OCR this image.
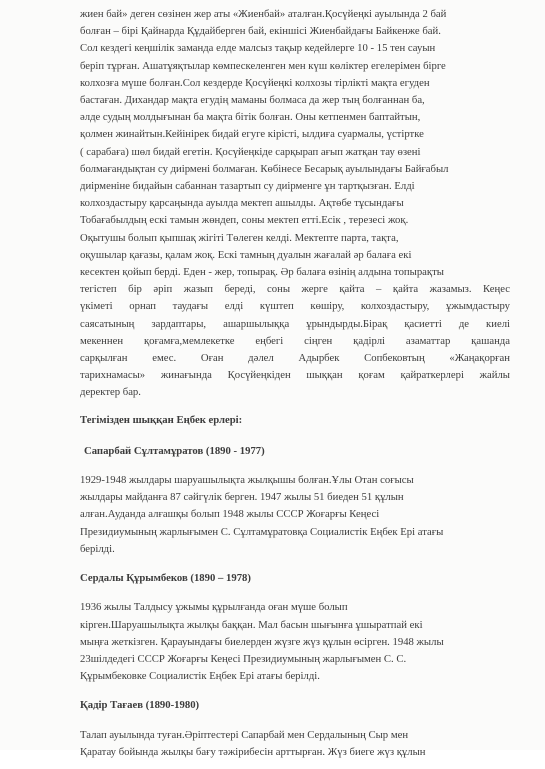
жиен бай» деген сөзінен жер аты «Жиенбай» аталған.Қосүйеңкі ауылында 2 бай

болған – бірі Қайнарда Құдайберген бай, екіншісі Жиенбайдағы Байкенже бай.

Сол кездегі кеңшілік заманда елде малсыз тақыр кедейлерге 10 - 15 тен сауын

беріп тұрған. Ашатұяқтылар көмпескеленген мен күш көліктер егелерімен бірге

колхозға мүше болған.Сол кездерде Қосүйеңкі колхозы тірлікті мақта егуден

бастаған. Дихандар мақта егудің маманы болмаса да жер тың болғаннан ба,

әлде судың молдығынан ба мақта бітік болған. Оны кетпенмен баптайтын,

қолмен жинайтын.Кейінірек бидай егуге кірісті, ылдиға суармалы, үстіртке

( сарабаға) шөл бидай егетін. Қосүйеңкіде сарқырап ағып жатқан тау өзені

болмағандықтан су диірмені болмаған. Көбінесе Бесарық ауылындағы Байғабыл

диірменіне бидайын сабаннан тазартып су диірменге ұн тартқызған. Елді

колхоздастыру қарсаңында ауылда мектеп ашылды. Ақтөбе тұсындағы

Тобағабылдың ескі тамын жөндеп, соны мектеп етті.Есік , терезесі жоқ.

Оқытушы болып қыпшақ жігіті Төлеген келді. Мектепте парта, тақта,

оқушылар қағазы, қалам жоқ. Ескі тамның дуалын жағалай әр балаға екі

кесектен қойып берді. Еден - жер, топырақ. Әр балаға өзінің алдына топырақты

тегістеп бір әріп жазып береді, соны жерге қайта – қайта жазамыз. Кеңес

үкіметі орнап таудағы елді күштеп көшіру, колхоздастыру, ұжымдастыру

саясатының зардаптары, ашаршылыққа ұрындырды.Бірақ қасиетті де киелі

мекеннен қоғамға,мемлекетке еңбегі сіңген қадірлі азаматтар қашанда

сарқылған емес. Оған дәлел Адырбек Сопбековтың «Жаңақорған

тарихнамасы» жинағында Қосүйеңкіден шыққан қоғам қайраткерлері жайлы

деректер бар.

Тегімізден шыққан Еңбек ерлері:

Сапарбай Сұлтамұратов (1890 - 1977)

1929-1948 жылдары шаруашылықта жылқышы болған.Ұлы Отан соғысы

жылдары майданға 87 сәйгүлік берген. 1947 жылы 51 биеден 51 құлын

алған.Ауданда алғашқы болып 1948 жылы СССР Жоғарғы Кеңесі

Президиумының жарлығымен С. Сұлтамұратовқа Социалистік Еңбек Ері атағы

берілді.

Сердалы Құрымбеков (1890 – 1978)

1936 жылы Талдысу ұжымы құрылғанда оған мүше болып

кірген.Шаруашылықта жылқы баққан. Мал басын шығынға ұшыратпай екі

мыңға жеткізген. Қарауындағы биелерден жүзге жүз құлын өсірген. 1948 жылы

23шілдедегі СССР Жоғарғы Кеңесі Президиумының жарлығымен С. С.

Құрымбековке Социалистік Еңбек Ері атағы берілді.

Қадір Тағаев (1890-1980)

Талап ауылында туған.Әріптестері Сапарбай мен Сердалының Сыр мен

Қаратау бойында жылқы бағу тәжірибесін арттырған. Жүз биеге жүз құлын
